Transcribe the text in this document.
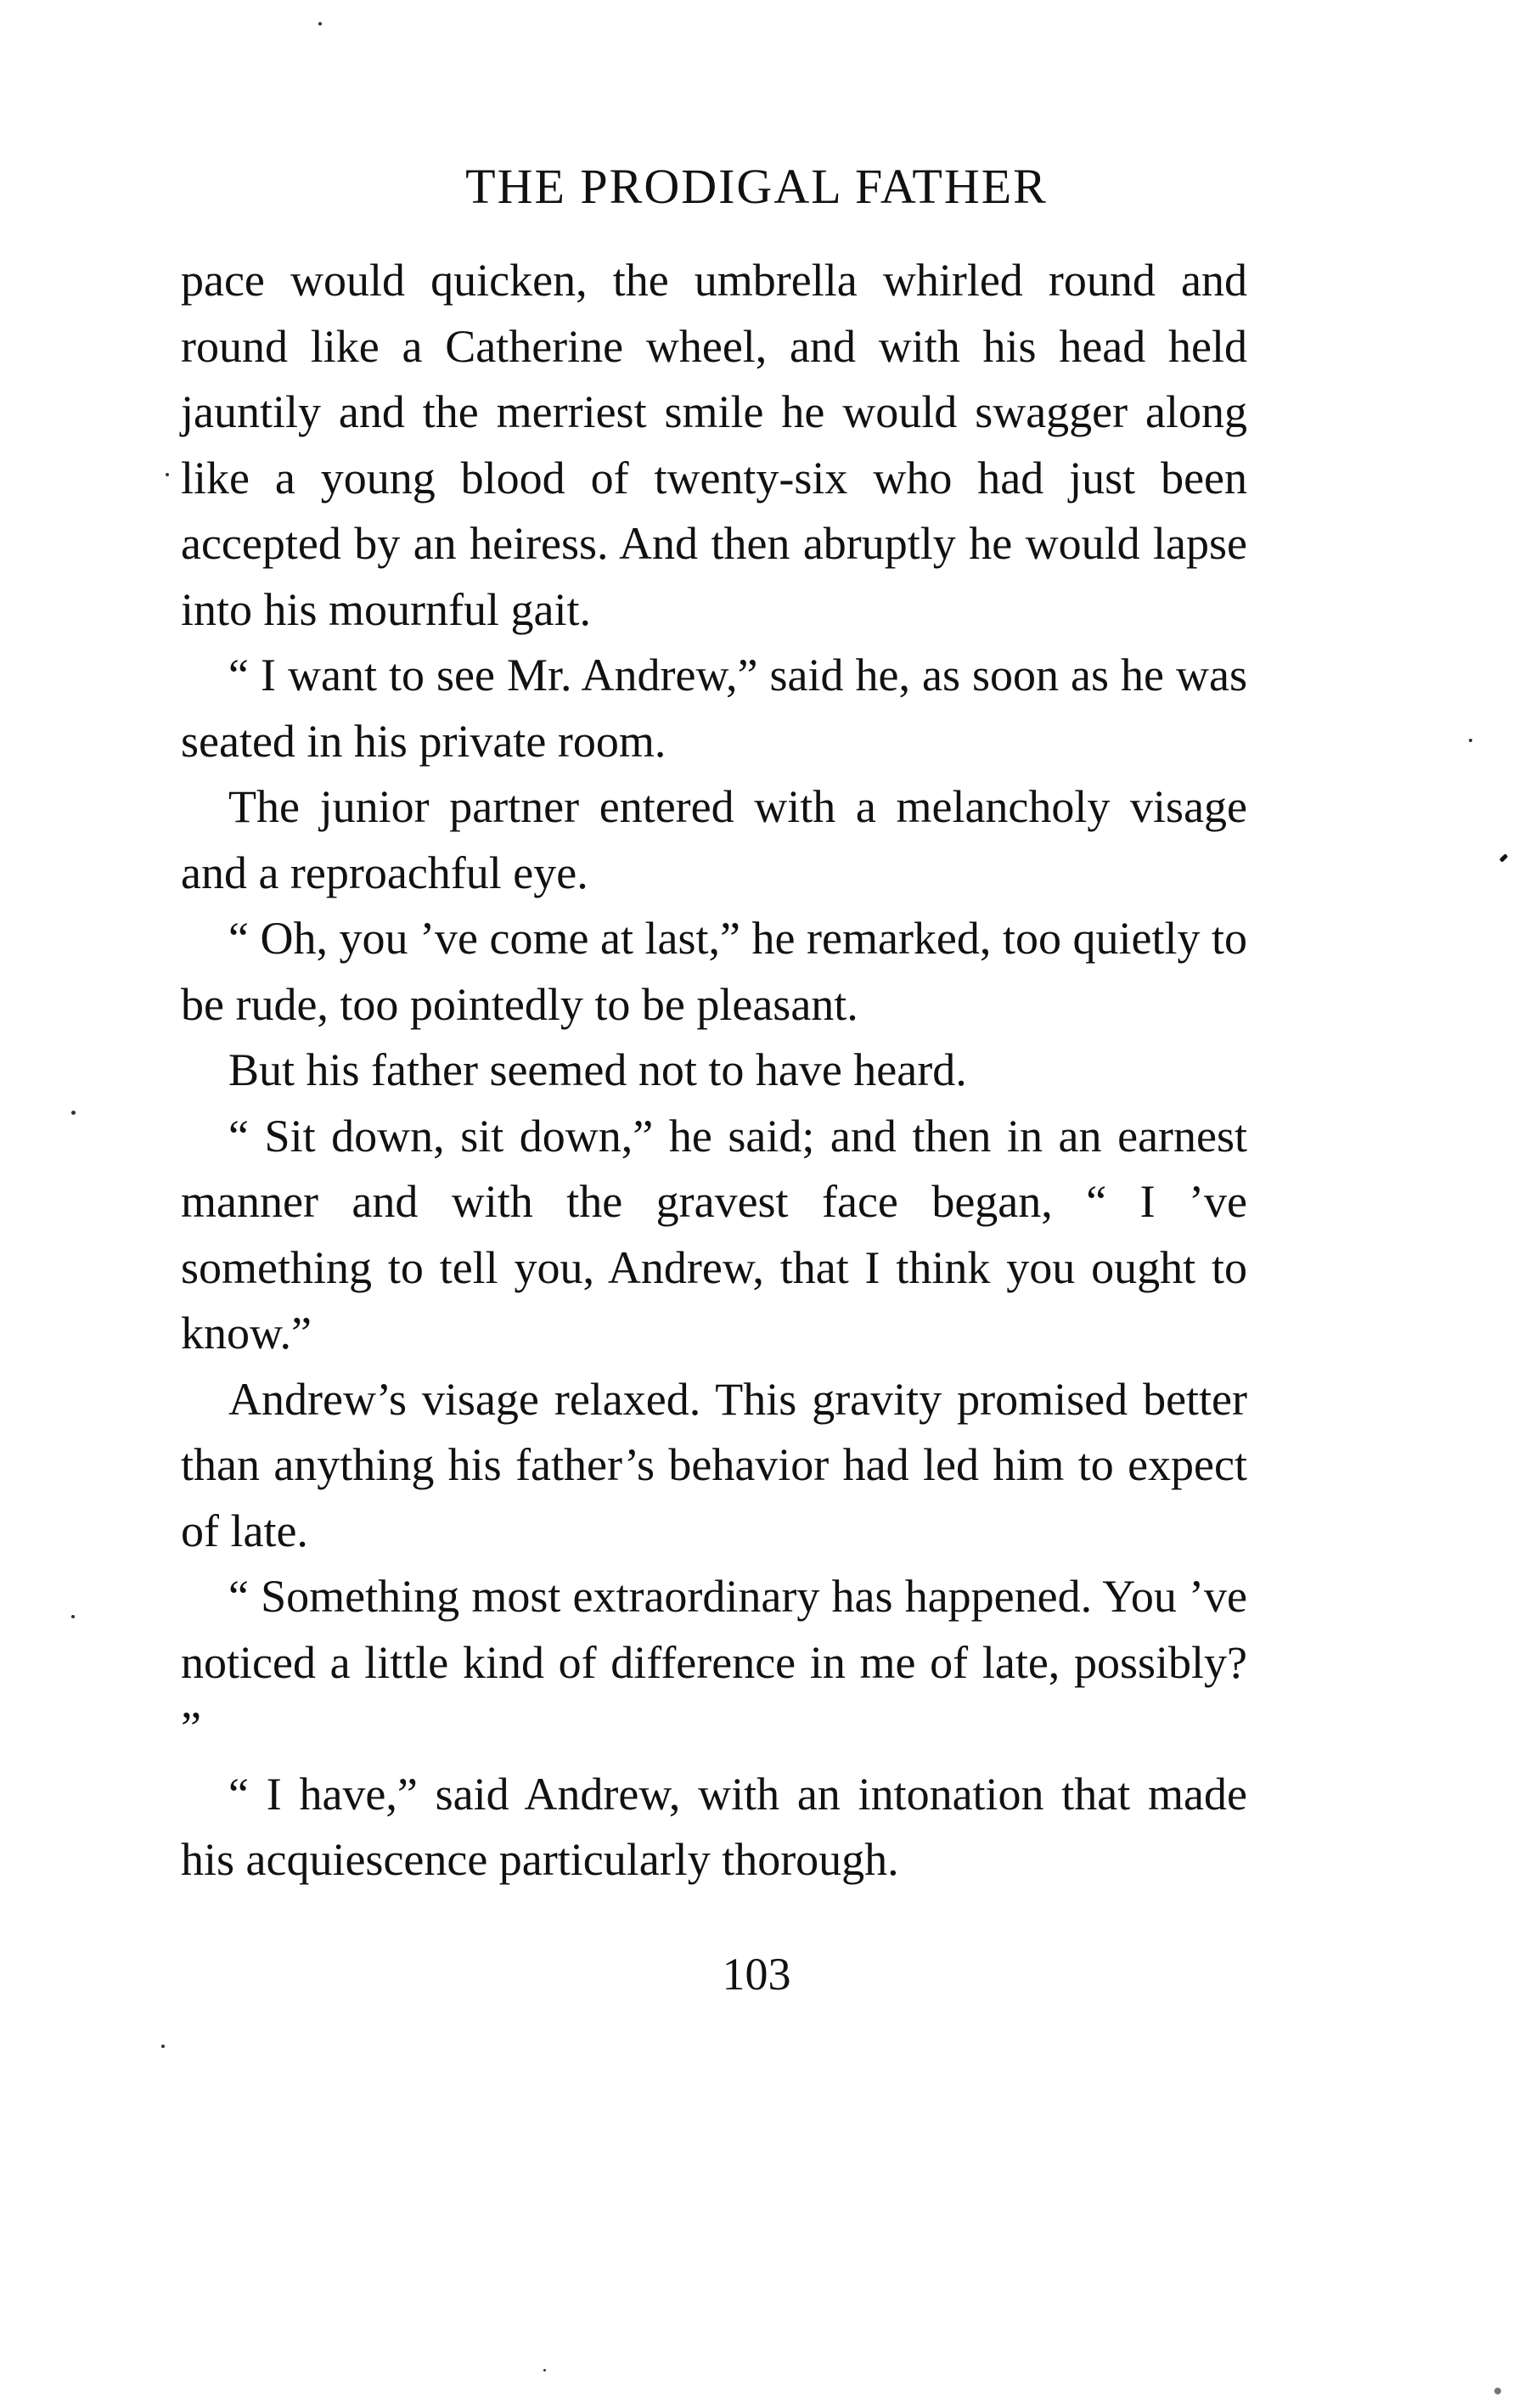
THE PRODIGAL FATHER

pace would quicken, the umbrella whirled round and round like a Catherine wheel, and with his head held jauntily and the merriest smile he would swagger along like a young blood of twenty-six who had just been accepted by an heiress. And then abruptly he would lapse into his mournful gait.

“ I want to see Mr. Andrew,” said he, as soon as he was seated in his private room.

The junior partner entered with a melancholy visage and a reproachful eye.

“ Oh, you ’ve come at last,” he remarked, too quietly to be rude, too pointedly to be pleasant.

But his father seemed not to have heard.

“ Sit down, sit down,” he said; and then in an earnest manner and with the gravest face began, “ I ’ve something to tell you, Andrew, that I think you ought to know.”

Andrew’s visage relaxed. This gravity promised better than anything his father’s behavior had led him to expect of late.

“ Something most extraordinary has happened. You ’ve noticed a little kind of difference in me of late, possibly? ”

“ I have,” said Andrew, with an intonation that made his acquiescence particularly thorough.

103
